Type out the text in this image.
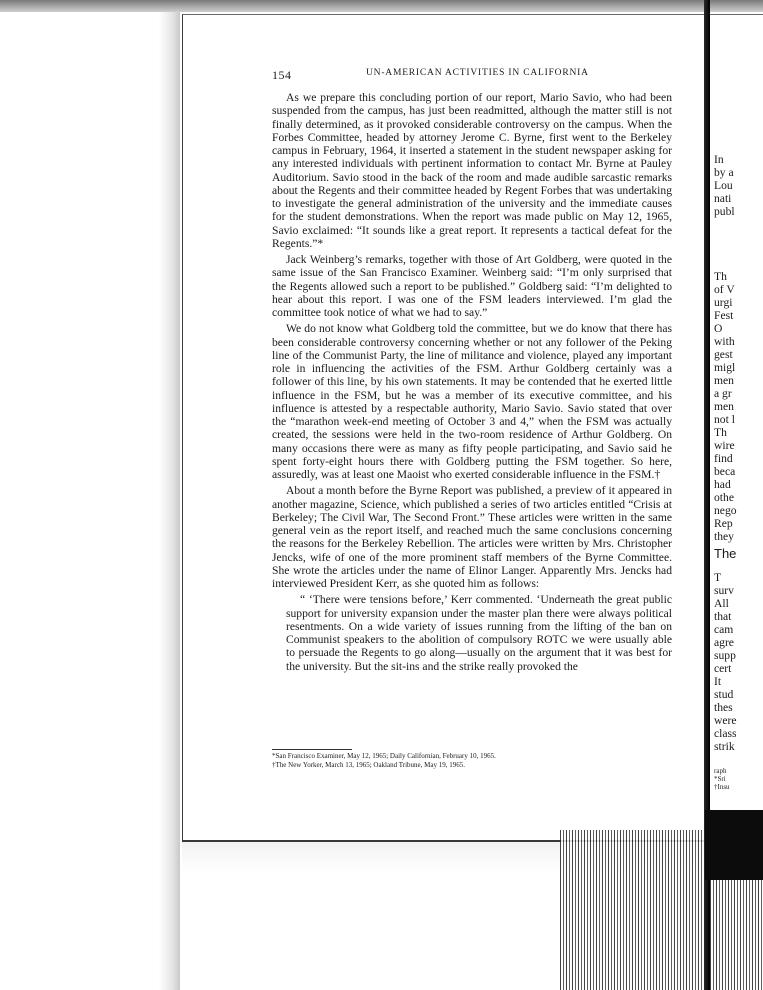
154	UN-AMERICAN ACTIVITIES IN CALIFORNIA

As we prepare this concluding portion of our report, Mario Savio, who had been suspended from the campus, has just been readmitted, although the matter still is not finally determined, as it provoked considerable controversy on the campus. When the Forbes Committee, headed by attorney Jerome C. Byrne, first went to the Berkeley campus in February, 1964, it inserted a statement in the student newspaper asking for any interested individuals with pertinent information to contact Mr. Byrne at Pauley Auditorium. Savio stood in the back of the room and made audible sarcastic remarks about the Regents and their committee headed by Regent Forbes that was undertaking to investigate the general administration of the university and the immediate causes for the student demonstrations. When the report was made public on May 12, 1965, Savio exclaimed: “It sounds like a great report. It represents a tactical defeat for the Regents.”*

Jack Weinberg’s remarks, together with those of Art Goldberg, were quoted in the same issue of the San Francisco Examiner. Weinberg said: “I’m only surprised that the Regents allowed such a report to be published.” Goldberg said: “I’m delighted to hear about this report. I was one of the FSM leaders interviewed. I’m glad the committee took notice of what we had to say.”

We do not know what Goldberg told the committee, but we do know that there has been considerable controversy concerning whether or not any follower of the Peking line of the Communist Party, the line of militance and violence, played any important role in influencing the activities of the FSM. Arthur Goldberg certainly was a follower of this line, by his own statements. It may be contended that he exerted little influence in the FSM, but he was a member of its executive committee, and his influence is attested by a respectable authority, Mario Savio. Savio stated that over the “marathon week-end meeting of October 3 and 4,” when the FSM was actually created, the sessions were held in the two-room residence of Arthur Goldberg. On many occasions there were as many as fifty people participating, and Savio said he spent forty-eight hours there with Goldberg putting the FSM together. So here, assuredly, was at least one Maoist who exerted considerable influence in the FSM.†

About a month before the Byrne Report was published, a preview of it appeared in another magazine, Science, which published a series of two articles entitled “Crisis at Berkeley; The Civil War, The Second Front.” These articles were written in the same general vein as the report itself, and reached much the same conclusions concerning the reasons for the Berkeley Rebellion. The articles were written by Mrs. Christopher Jencks, wife of one of the more prominent staff members of the Byrne Committee. She wrote the articles under the name of Elinor Langer. Apparently Mrs. Jencks had interviewed President Kerr, as she quoted him as follows:

“ ‘There were tensions before,’ Kerr commented. ‘Underneath the great public support for university expansion under the master plan there were always political resentments. On a wide variety of issues running from the lifting of the ban on Communist speakers to the abolition of compulsory ROTC we were usually able to persuade the Regents to go along—usually on the argument that it was best for the university. But the sit-ins and the strike really provoked the

*San Francisco Examiner, May 12, 1965; Daily Californian, February 10, 1965.
†The New Yorker, March 13, 1965; Oakland Tribune, May 19, 1965.
In
by a
Lou
nati
publ
Th
of V
urgi
Fest
O
with
gest
migl
men
a gr
men
not l
Th
wire
find
beca
had
othe
nego
Rep
they
The
T
surv
All
that
cam
agre
supp
cert
It
stud
thes
were
class
strik
raph
*Sri
†Insu
